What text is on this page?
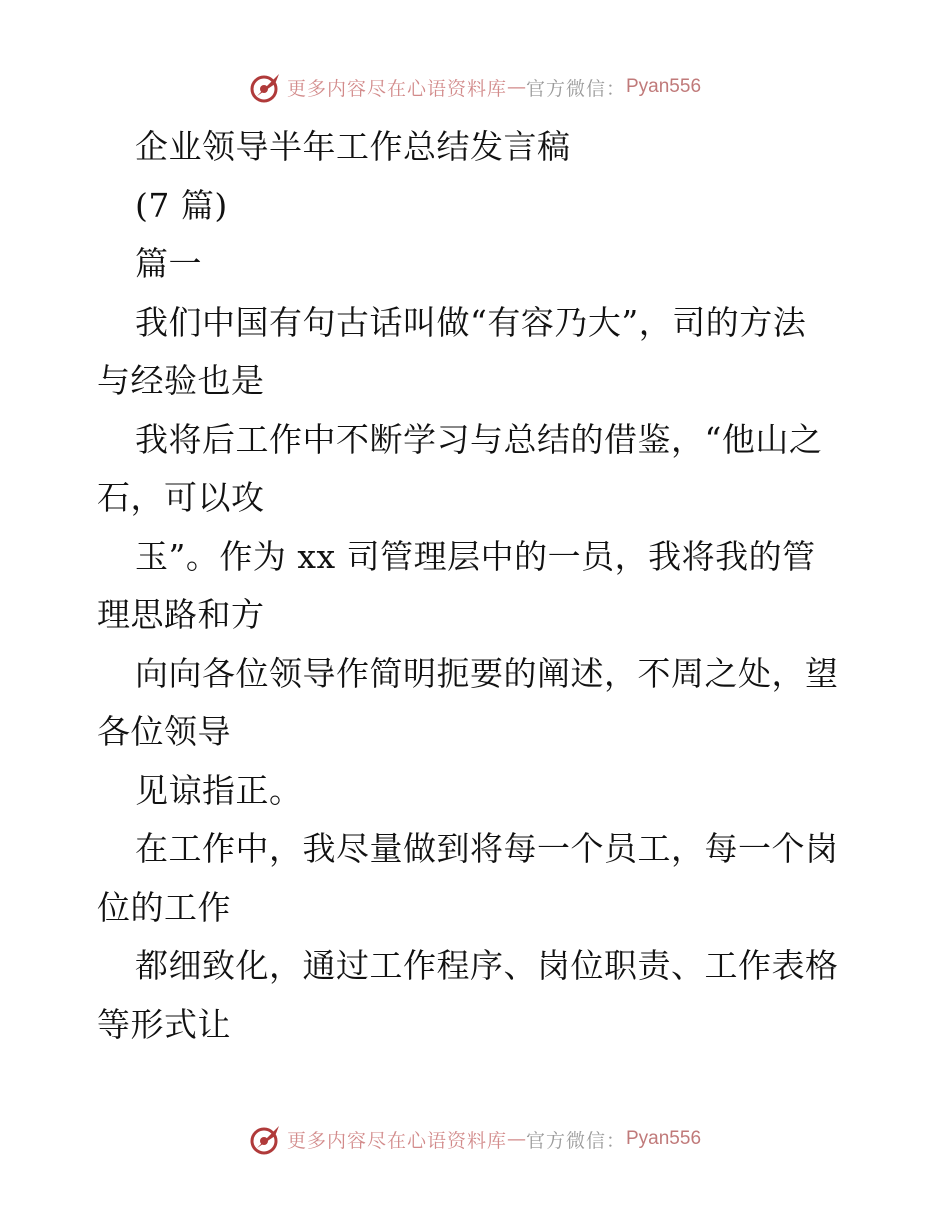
更多内容尽在心语资料库 — 官方微信： Pyan556
企业领导半年工作总结发言稿
(7 篇)
篇一
我们中国有句古话叫做“有容乃大”，司的方法
与经验也是
我将后工作中不断学习与总结的借鉴，“他山之
石，可以攻
玉”。作为 xx 司管理层中的一员，我将我的管
理思路和方
向向各位领导作简明扼要的阐述，不周之处，望
各位领导
见谅指正。
在工作中，我尽量做到将每一个员工，每一个岗
位的工作
都细致化，通过工作程序、岗位职责、工作表格
等形式让
更多内容尽在心语资料库 — 官方微信： Pyan556
